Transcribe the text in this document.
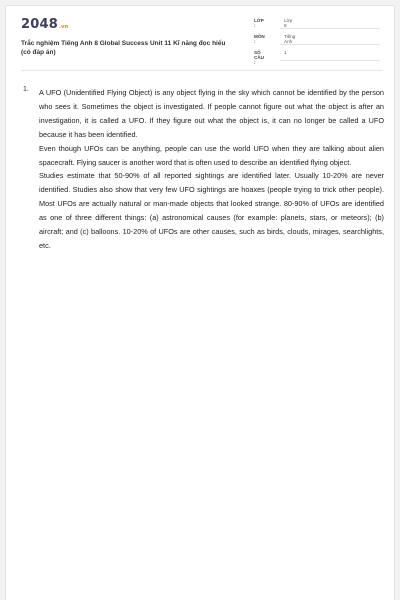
2048.vn
Trắc nghiệm Tiếng Anh 8 Global Success Unit 11 Kĩ năng đọc hiểu (có đáp án)
LỚP :
Lớp 8
MÔN :
Tiếng Anh
SỐ CÂU :
1
1. A UFO (Unidentified Flying Object) is any object flying in the sky which cannot be identified by the person who sees it. Sometimes the object is investigated. If people cannot figure out what the object is after an investigation, it is called a UFO. If they figure out what the object is, it can no longer be called a UFO because it has been identified.

Even though UFOs can be anything, people can use the world UFO when they are talking about alien spacecraft. Flying saucer is another word that is often used to describe an identified flying object.

Studies estimate that 50-90% of all reported sightings are identified later. Usually 10-20% are never identified. Studies also show that very few UFO sightings are hoaxes (people trying to trick other people). Most UFOs are actually natural or man-made objects that looked strange. 80-90% of UFOs are identified as one of three different things: (a) astronomical causes (for example: planets, stars, or meteors); (b) aircraft; and (c) balloons. 10-20% of UFOs are other causes, such as birds, clouds, mirages, searchlights, etc.
